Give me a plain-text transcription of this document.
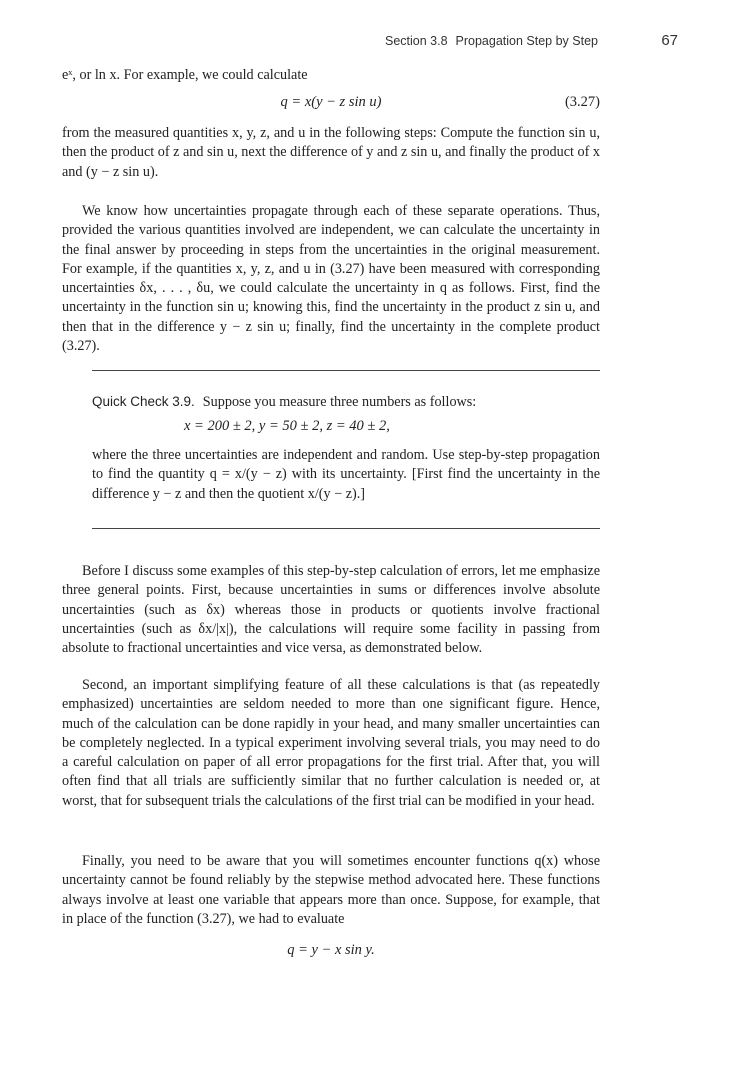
Section 3.8 Propagation Step by Step	67

eˣ, or ln x. For example, we could calculate

q = x(y − z sin u)	(3.27)

from the measured quantities x, y, z, and u in the following steps: Compute the function sin u, then the product of z and sin u, next the difference of y and z sin u, and finally the product of x and (y − z sin u).

We know how uncertainties propagate through each of these separate operations. Thus, provided the various quantities involved are independent, we can calculate the uncertainty in the final answer by proceeding in steps from the uncertainties in the original measurement. For example, if the quantities x, y, z, and u in (3.27) have been measured with corresponding uncertainties δx, . . . , δu, we could calculate the uncertainty in q as follows. First, find the uncertainty in the function sin u; knowing this, find the uncertainty in the product z sin u, and then that in the difference y − z sin u; finally, find the uncertainty in the complete product (3.27).

Quick Check 3.9. Suppose you measure three numbers as follows:

x = 200 ± 2, y = 50 ± 2, z = 40 ± 2,

where the three uncertainties are independent and random. Use step-by-step propagation to find the quantity q = x/(y − z) with its uncertainty. [First find the uncertainty in the difference y − z and then the quotient x/(y − z).]

Before I discuss some examples of this step-by-step calculation of errors, let me emphasize three general points. First, because uncertainties in sums or differences involve absolute uncertainties (such as δx) whereas those in products or quotients involve fractional uncertainties (such as δx/|x|), the calculations will require some facility in passing from absolute to fractional uncertainties and vice versa, as demonstrated below.

Second, an important simplifying feature of all these calculations is that (as repeatedly emphasized) uncertainties are seldom needed to more than one significant figure. Hence, much of the calculation can be done rapidly in your head, and many smaller uncertainties can be completely neglected. In a typical experiment involving several trials, you may need to do a careful calculation on paper of all error propagations for the first trial. After that, you will often find that all trials are sufficiently similar that no further calculation is needed or, at worst, that for subsequent trials the calculations of the first trial can be modified in your head.

Finally, you need to be aware that you will sometimes encounter functions q(x) whose uncertainty cannot be found reliably by the stepwise method advocated here. These functions always involve at least one variable that appears more than once. Suppose, for example, that in place of the function (3.27), we had to evaluate

q = y − x sin y.
